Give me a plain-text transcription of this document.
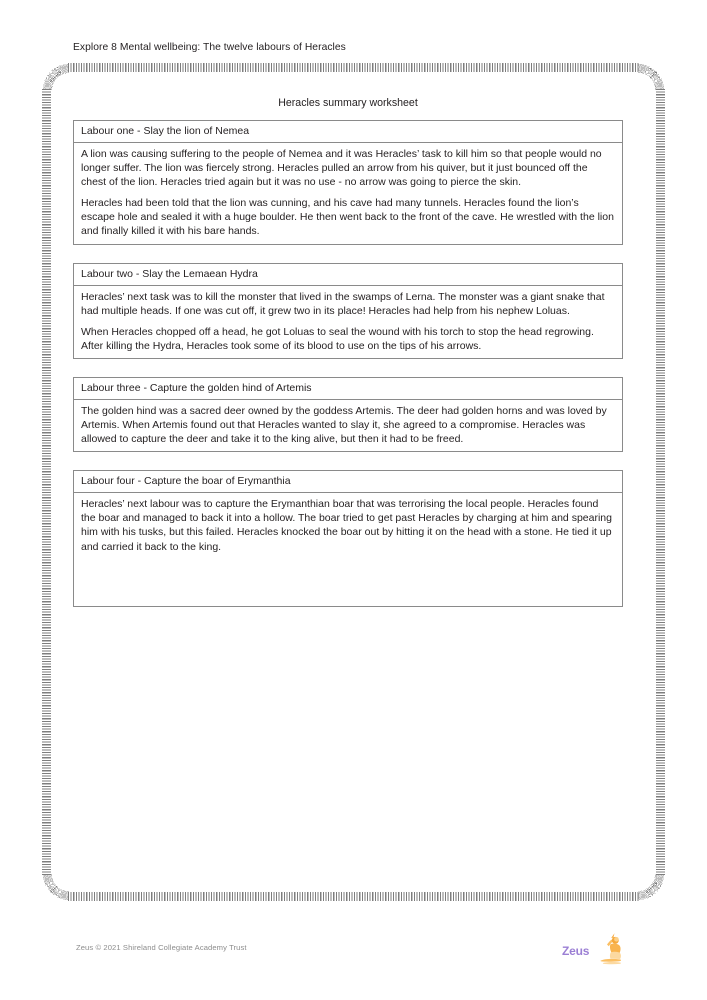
Explore 8 Mental wellbeing: The twelve labours of Heracles
Heracles summary worksheet
Labour one - Slay the lion of Nemea

A lion was causing suffering to the people of Nemea and it was Heracles’ task to kill him so that people would no longer suffer. The lion was fiercely strong. Heracles pulled an arrow from his quiver, but it just bounced off the chest of the lion. Heracles tried again but it was no use - no arrow was going to pierce the skin.

Heracles had been told that the lion was cunning, and his cave had many tunnels. Heracles found the lion’s escape hole and sealed it with a huge boulder. He then went back to the front of the cave. He wrestled with the lion and finally killed it with his bare hands.

Labour two - Slay the Lemaean Hydra

Heracles’ next task was to kill the monster that lived in the swamps of Lerna. The monster was a giant snake that had multiple heads. If one was cut off, it grew two in its place! Heracles had help from his nephew Loluas.

When Heracles chopped off a head, he got Loluas to seal the wound with his torch to stop the head regrowing. After killing the Hydra, Heracles took some of its blood to use on the tips of his arrows.

Labour three - Capture the golden hind of Artemis

The golden hind was a sacred deer owned by the goddess Artemis. The deer had golden horns and was loved by Artemis. When Artemis found out that Heracles wanted to slay it, she agreed to a compromise. Heracles was allowed to capture the deer and take it to the king alive, but then it had to be freed.

Labour four - Capture the boar of Erymanthia

Heracles’ next labour was to capture the Erymanthian boar that was terrorising the local people. Heracles found the boar and managed to back it into a hollow. The boar tried to get past Heracles by charging at him and spearing him with his tusks, but this failed. Heracles knocked the boar out by hitting it on the head with a stone. He tied it up and carried it back to the king.

Zeus © 2021 Shireland Collegiate Academy Trust	Zeus
